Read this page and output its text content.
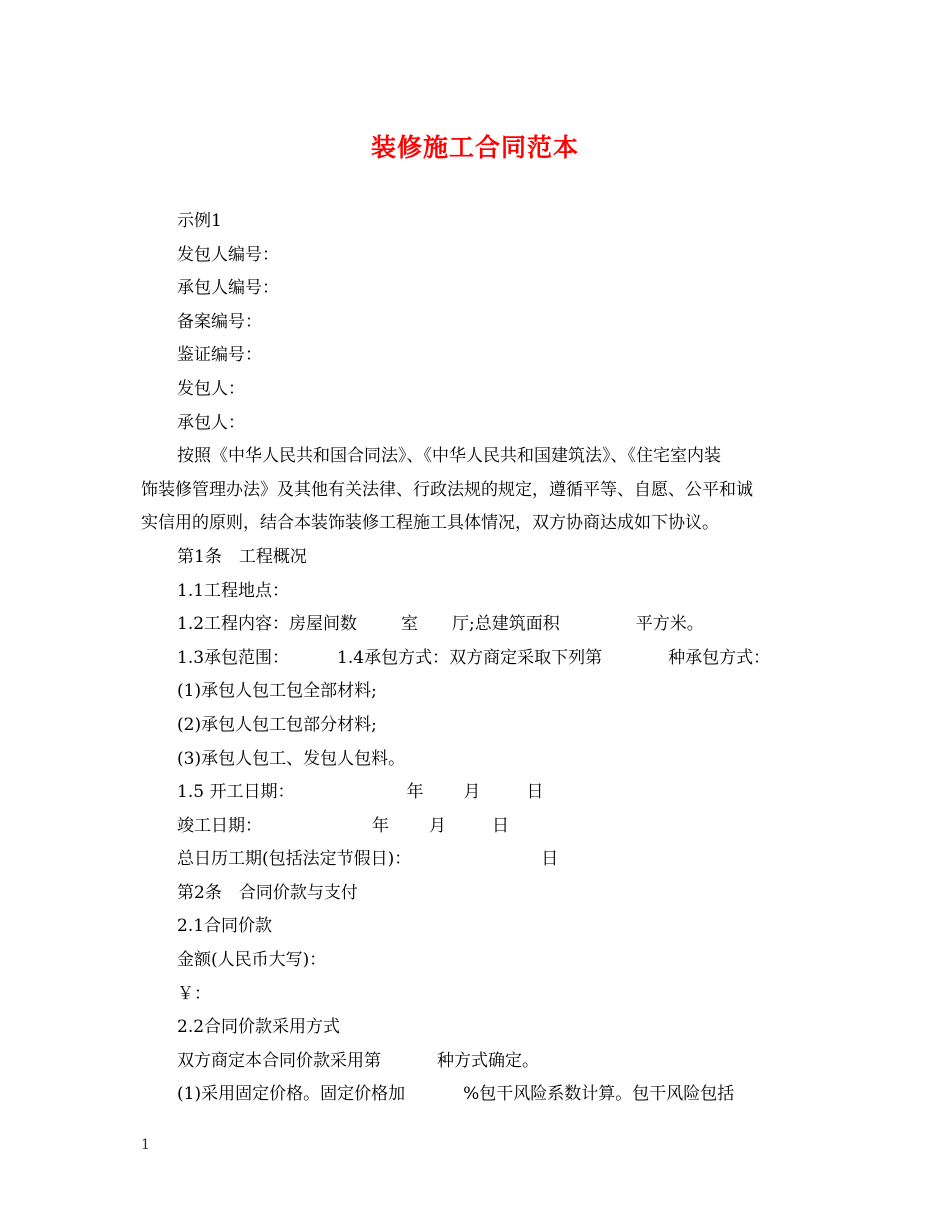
装修施工合同范本
示例1
发包人编号：
承包人编号：
备案编号：
鉴证编号：
发包人：
承包人：
按照《中华人民共和国合同法》、《中华人民共和国建筑法》、《住宅室内装
饰装修管理办法》及其他有关法律、行政法规的规定，遵循平等、自愿、公平和诚
实信用的原则，结合本装饰装修工程施工具体情况，双方协商达成如下协议。
第1条　工程概况
1.1工程地点：
1.2工程内容：房屋间数	室 厅;总建筑面积	平方米。
1.3承包范围：	1.4承包方式：双方商定采取下列第	种承包方式：
(1)承包人包工包全部材料;
(2)承包人包工包部分材料;
(3)承包人包工、发包人包料。
1.5 开工日期：	年 月	日
竣工日期：	年 月	日
总日历工期(包括法定节假日)：	日
第2条　合同价款与支付
2.1合同价款
金额(人民币大写)：
￥：
2.2合同价款采用方式
双方商定本合同价款采用第	种方式确定。
(1)采用固定价格。固定价格加	%包干风险系数计算。包干风险包括
1
